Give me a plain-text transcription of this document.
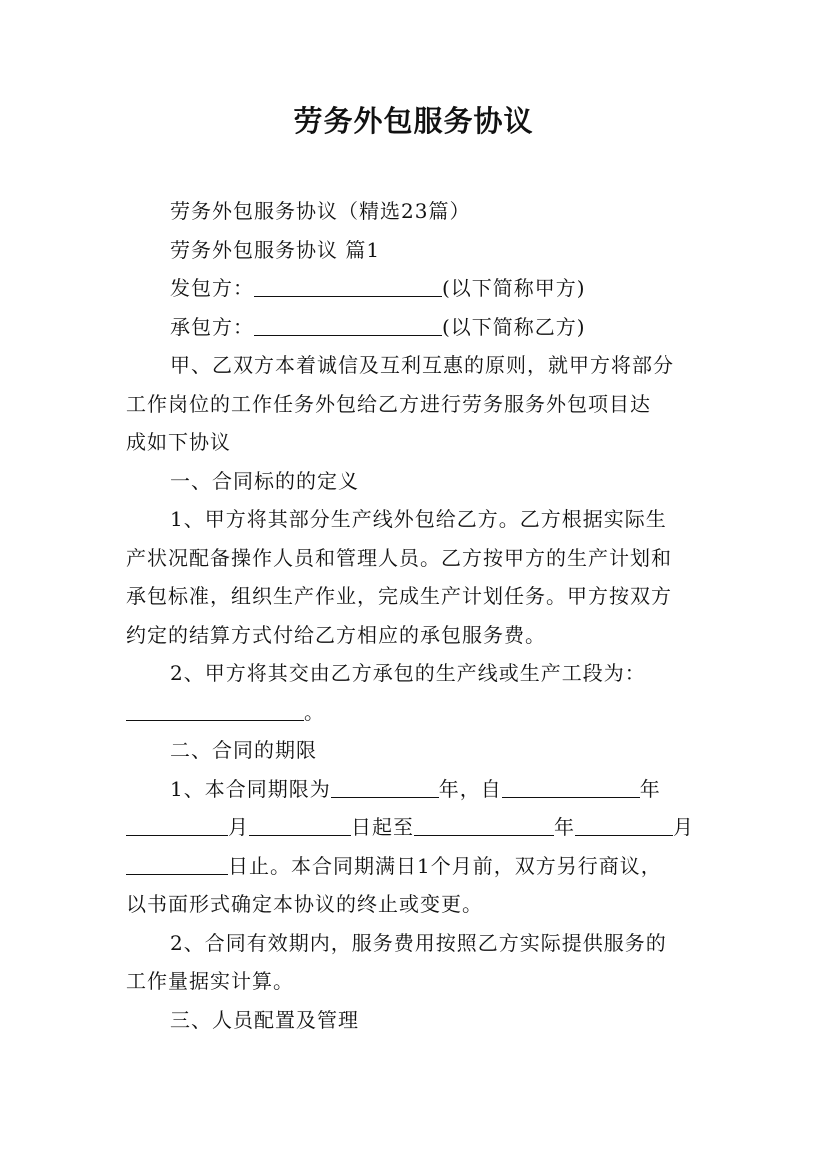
劳务外包服务协议
劳务外包服务协议（精选23篇）
劳务外包服务协议 篇1
发包方：	(以下简称甲方)
承包方：	(以下简称乙方)
甲、乙双方本着诚信及互利互惠的原则，就甲方将部分
工作岗位的工作任务外包给乙方进行劳务服务外包项目达
成如下协议
一、合同标的的定义
1、甲方将其部分生产线外包给乙方。乙方根据实际生
产状况配备操作人员和管理人员。乙方按甲方的生产计划和
承包标准，组织生产作业，完成生产计划任务。甲方按双方
约定的结算方式付给乙方相应的承包服务费。
2、甲方将其交由乙方承包的生产线或生产工段为：
。
二、合同的期限
1、本合同期限为	年，自	年
月	日起至	年	月
日止。本合同期满日1个月前，双方另行商议，
以书面形式确定本协议的终止或变更。
2、合同有效期内，服务费用按照乙方实际提供服务的
工作量据实计算。
三、人员配置及管理
